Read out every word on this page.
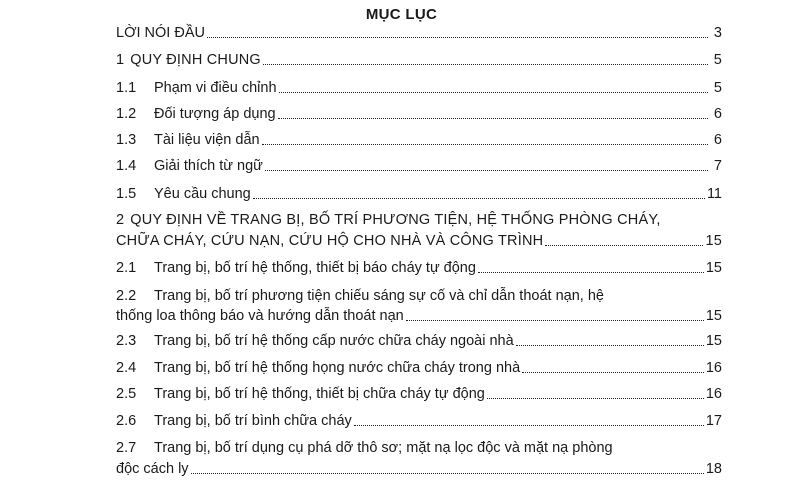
MỤC LỤC
LỜI NÓI ĐẦU	3
1 QUY ĐỊNH CHUNG	5
1.1	Phạm vi điều chỉnh	5
1.2	Đối tượng áp dụng	6
1.3	Tài liệu viện dẫn	6
1.4	Giải thích từ ngữ	7
1.5	Yêu cầu chung	11
2 QUY ĐỊNH VỀ TRANG BỊ, BỐ TRÍ PHƯƠNG TIỆN, HỆ THỐNG PHÒNG CHÁY,
CHỮA CHÁY, CỨU NẠN, CỨU HỘ CHO NHÀ VÀ CÔNG TRÌNH	15
2.1	Trang bị, bố trí hệ thống, thiết bị báo cháy tự động	15
2.2	Trang bị, bố trí phương tiện chiếu sáng sự cố và chỉ dẫn thoát nạn, hệ
thống loa thông báo và hướng dẫn thoát nạn	15
2.3	Trang bị, bố trí hệ thống cấp nước chữa cháy ngoài nhà	15
2.4	Trang bị, bố trí hệ thống họng nước chữa cháy trong nhà	16
2.5	Trang bị, bố trí hệ thống, thiết bị chữa cháy tự động	16
2.6	Trang bị, bố trí bình chữa cháy	17
2.7	Trang bị, bố trí dụng cụ phá dỡ thô sơ; mặt nạ lọc độc và mặt nạ phòng
độc cách ly	18
